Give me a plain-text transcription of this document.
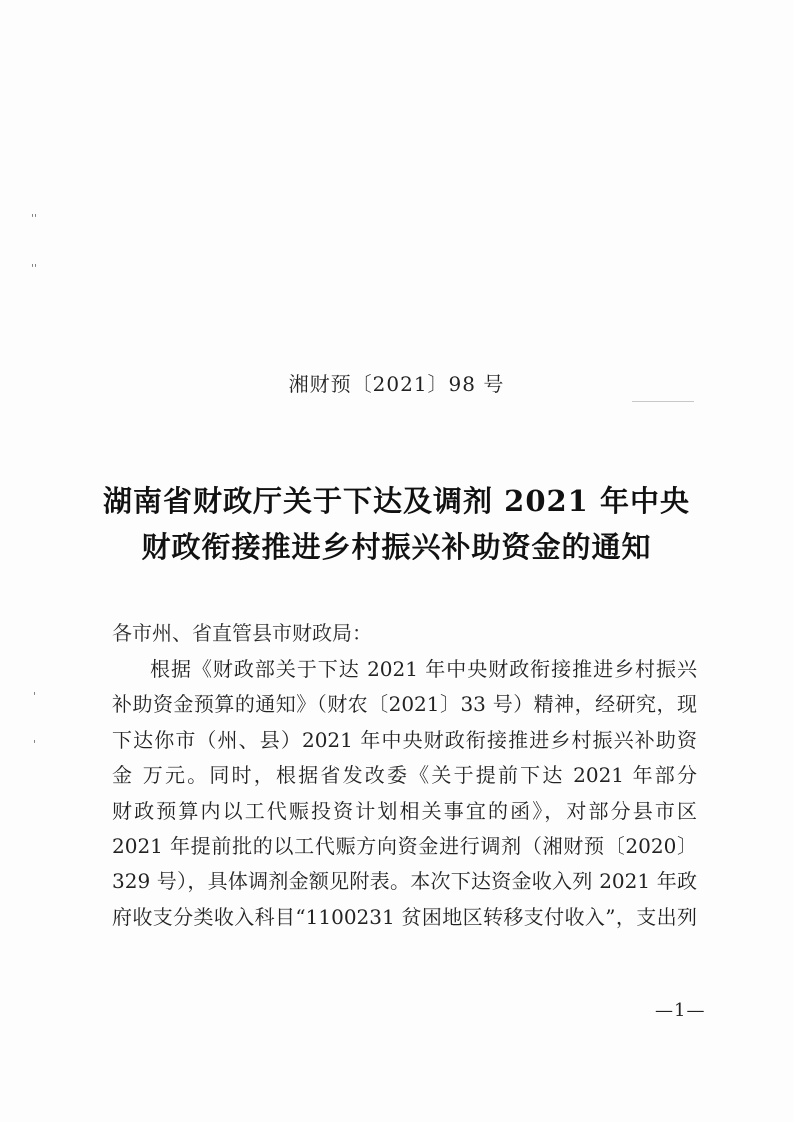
''
''
'
'
湘财预〔2021〕98 号
湖南省财政厅关于下达及调剂 2021 年中央
财政衔接推进乡村振兴补助资金的通知
各市州、省直管县市财政局：
根据《财政部关于下达 2021 年中央财政衔接推进乡村振兴
补助资金预算的通知》（财农〔2021〕33 号）精神，经研究，现
下达你市（州、县）2021 年中央财政衔接推进乡村振兴补助资
金 万元。同时，根据省发改委《关于提前下达 2021 年部分
财政预算内以工代赈投资计划相关事宜的函》，对部分县市区
2021 年提前批的以工代赈方向资金进行调剂（湘财预〔2020〕
329 号），具体调剂金额见附表。本次下达资金收入列 2021 年政
府收支分类收入科目“1100231 贫困地区转移支付收入”，支出列
—1—
